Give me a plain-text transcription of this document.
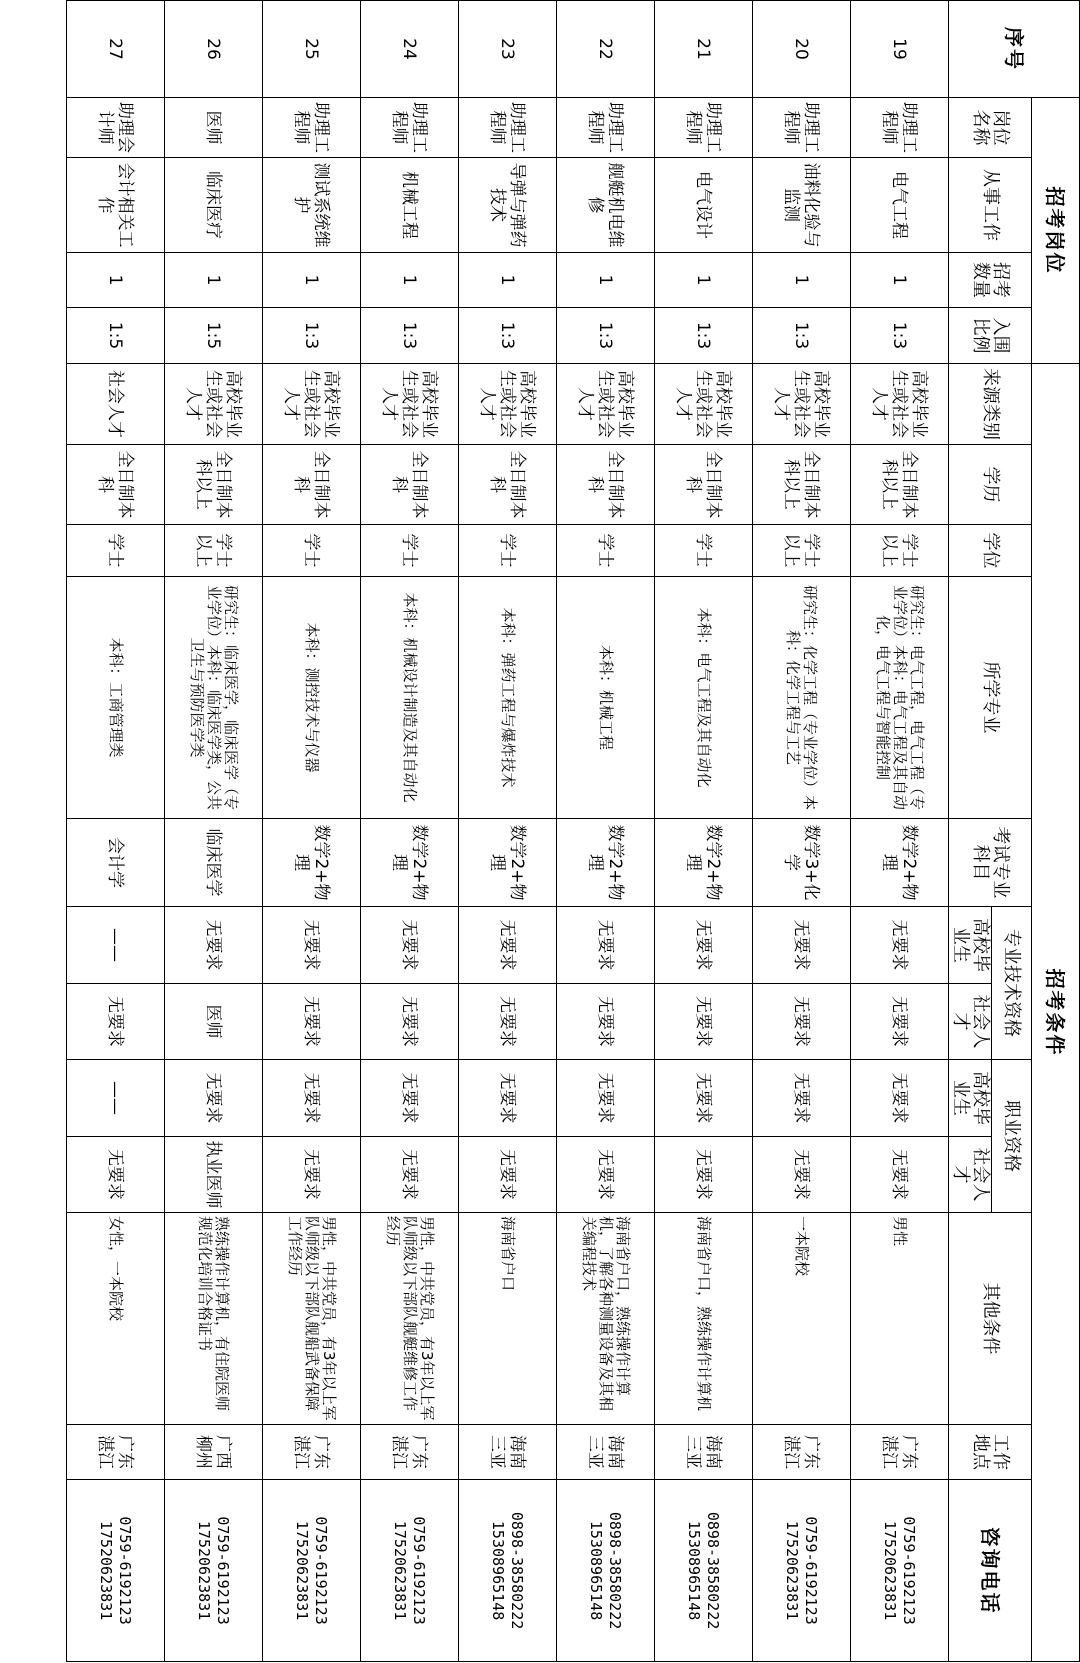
序号	招考岗位				招考条件											
	岗位名称	从事工作	招考数量	入围比例	来源类别	学历	学位	所学专业	考试专业科目	专业技术资格		职业资格		其他条件	工作地点	咨询电话
										高校毕业生	社会人才	高校毕业生	社会人才			
19	助理工程师	电气工程	1	1:3	高校毕业生或社会人才	全日制本科以上	学士以上	研究生：电气工程，电气工程（专业学位）本科：电气工程及其自动化，电气工程与智能控制	数学2+物理	无要求	无要求	无要求	无要求	男性	广东湛江	0759-6192123
17520623831

20	助理工程师	油料化验与监测	1	1:3	高校毕业生或社会人才	全日制本科以上	学士以上	研究生：化学工程（专业学位）本科：化学工程与工艺	数学3+化学	无要求	无要求	无要求	无要求	一本院校	广东湛江	0759-6192123
17520623831

21	助理工程师	电气设计	1	1:3	高校毕业生或社会人才	全日制本科	学士	本科：电气工程及其自动化	数学2+物理	无要求	无要求	无要求	无要求	海南省户口，熟练操作计算机	海南三亚	0898-38580222
15308965148

22	助理工程师	舰艇机电维修	1	1:3	高校毕业生或社会人才	全日制本科	学士	本科：机械工程	数学2+物理	无要求	无要求	无要求	无要求	海南省户口，熟练操作计算机，了解各种测量设备及其相关编程技术	海南三亚	0898-38580222
15308965148

23	助理工程师	导弹与弹药技术	1	1:3	高校毕业生或社会人才	全日制本科	学士	本科：弹药工程与爆炸技术	数学2+物理	无要求	无要求	无要求	无要求	海南省户口	海南三亚	0898-38580222
15308965148

24	助理工程师	机械工程	1	1:3	高校毕业生或社会人才	全日制本科	学士	本科：机械设计制造及其自动化	数学2+物理	无要求	无要求	无要求	无要求	男性，中共党员，有3年以上军队师级以下部队舰艇维修工作经历	广东湛江	0759-6192123
17520623831

25	助理工程师	测试系统维护	1	1:3	高校毕业生或社会人才	全日制本科	学士	本科：测控技术与仪器	数学2+物理	无要求	无要求	无要求	无要求	男性，中共党员，有3年以上军队师级以下部队舰船武备保障工作经历	广东湛江	0759-6192123
17520623831

26	医师	临床医疗	1	1:5	高校毕业生或社会人才	全日制本科以上	学士以上	研究生：临床医学，临床医学（专业学位）本科：临床医学类，公共卫生与预防医学类	临床医学	无要求	医师	无要求	执业医师	熟练操作计算机，有住院医师规范化培训合格证书	广西柳州	0759-6192123
17520623831

27	助理会计师	会计相关工作	1	1:5	社会人才	全日制本科	学士	本科：工商管理类	会计学	——	无要求	——	无要求	女性，一本院校	广东湛江	0759-6192123
17520623831
